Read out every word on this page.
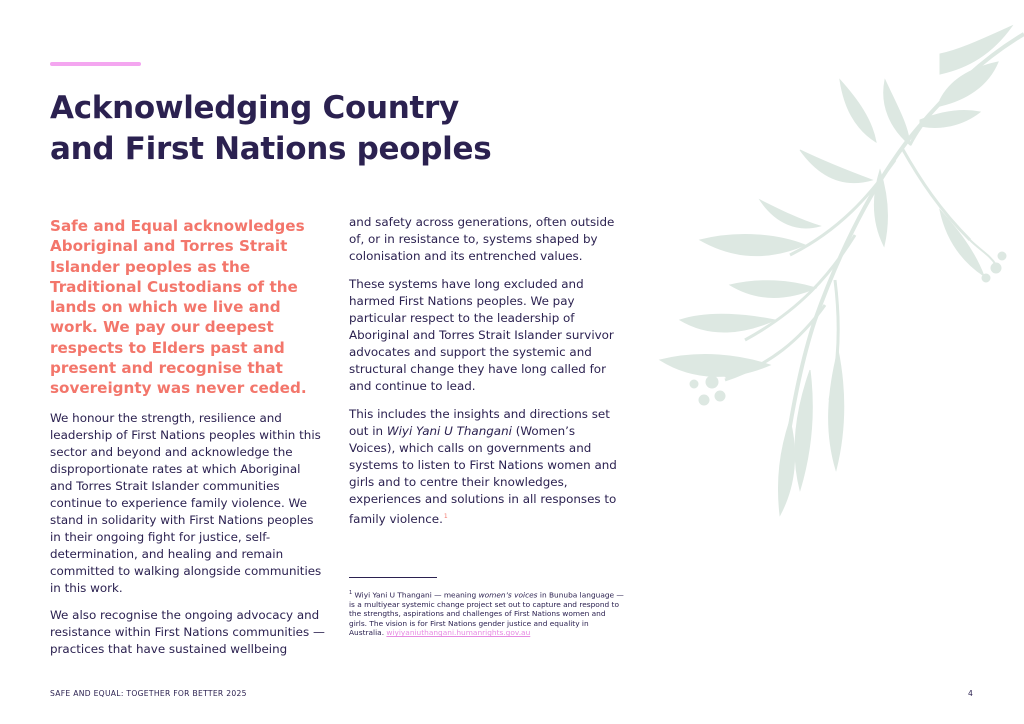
Acknowledging Country
and First Nations peoples

Safe and Equal acknowledges Aboriginal and Torres Strait Islander peoples as the Traditional Custodians of the lands on which we live and work. We pay our deepest respects to Elders past and present and recognise that sovereignty was never ceded.

We honour the strength, resilience and leadership of First Nations peoples within this sector and beyond and acknowledge the disproportionate rates at which Aboriginal and Torres Strait Islander communities continue to experience family violence. We stand in solidarity with First Nations peoples in their ongoing fight for justice, self-determination, and healing and remain committed to walking alongside communities in this work.

We also recognise the ongoing advocacy and resistance within First Nations communities — practices that have sustained wellbeing

and safety across generations, often outside of, or in resistance to, systems shaped by colonisation and its entrenched values.

These systems have long excluded and harmed First Nations peoples. We pay particular respect to the leadership of Aboriginal and Torres Strait Islander survivor advocates and support the systemic and structural change they have long called for and continue to lead.

This includes the insights and directions set out in Wiyi Yani U Thangani (Women’s Voices), which calls on governments and systems to listen to First Nations women and girls and to centre their knowledges, experiences and solutions in all responses to family violence.$^1$

$^1$ Wiyi Yani U Thangani — meaning women’s voices in Bunuba language — is a multiyear systemic change project set out to capture and respond to the strengths, aspirations and challenges of First Nations women and girls. The vision is for First Nations gender justice and equality in Australia. wiyiyaniuthangani.humanrights.gov.au

SAFE AND EQUAL: TOGETHER FOR BETTER 2025	4
